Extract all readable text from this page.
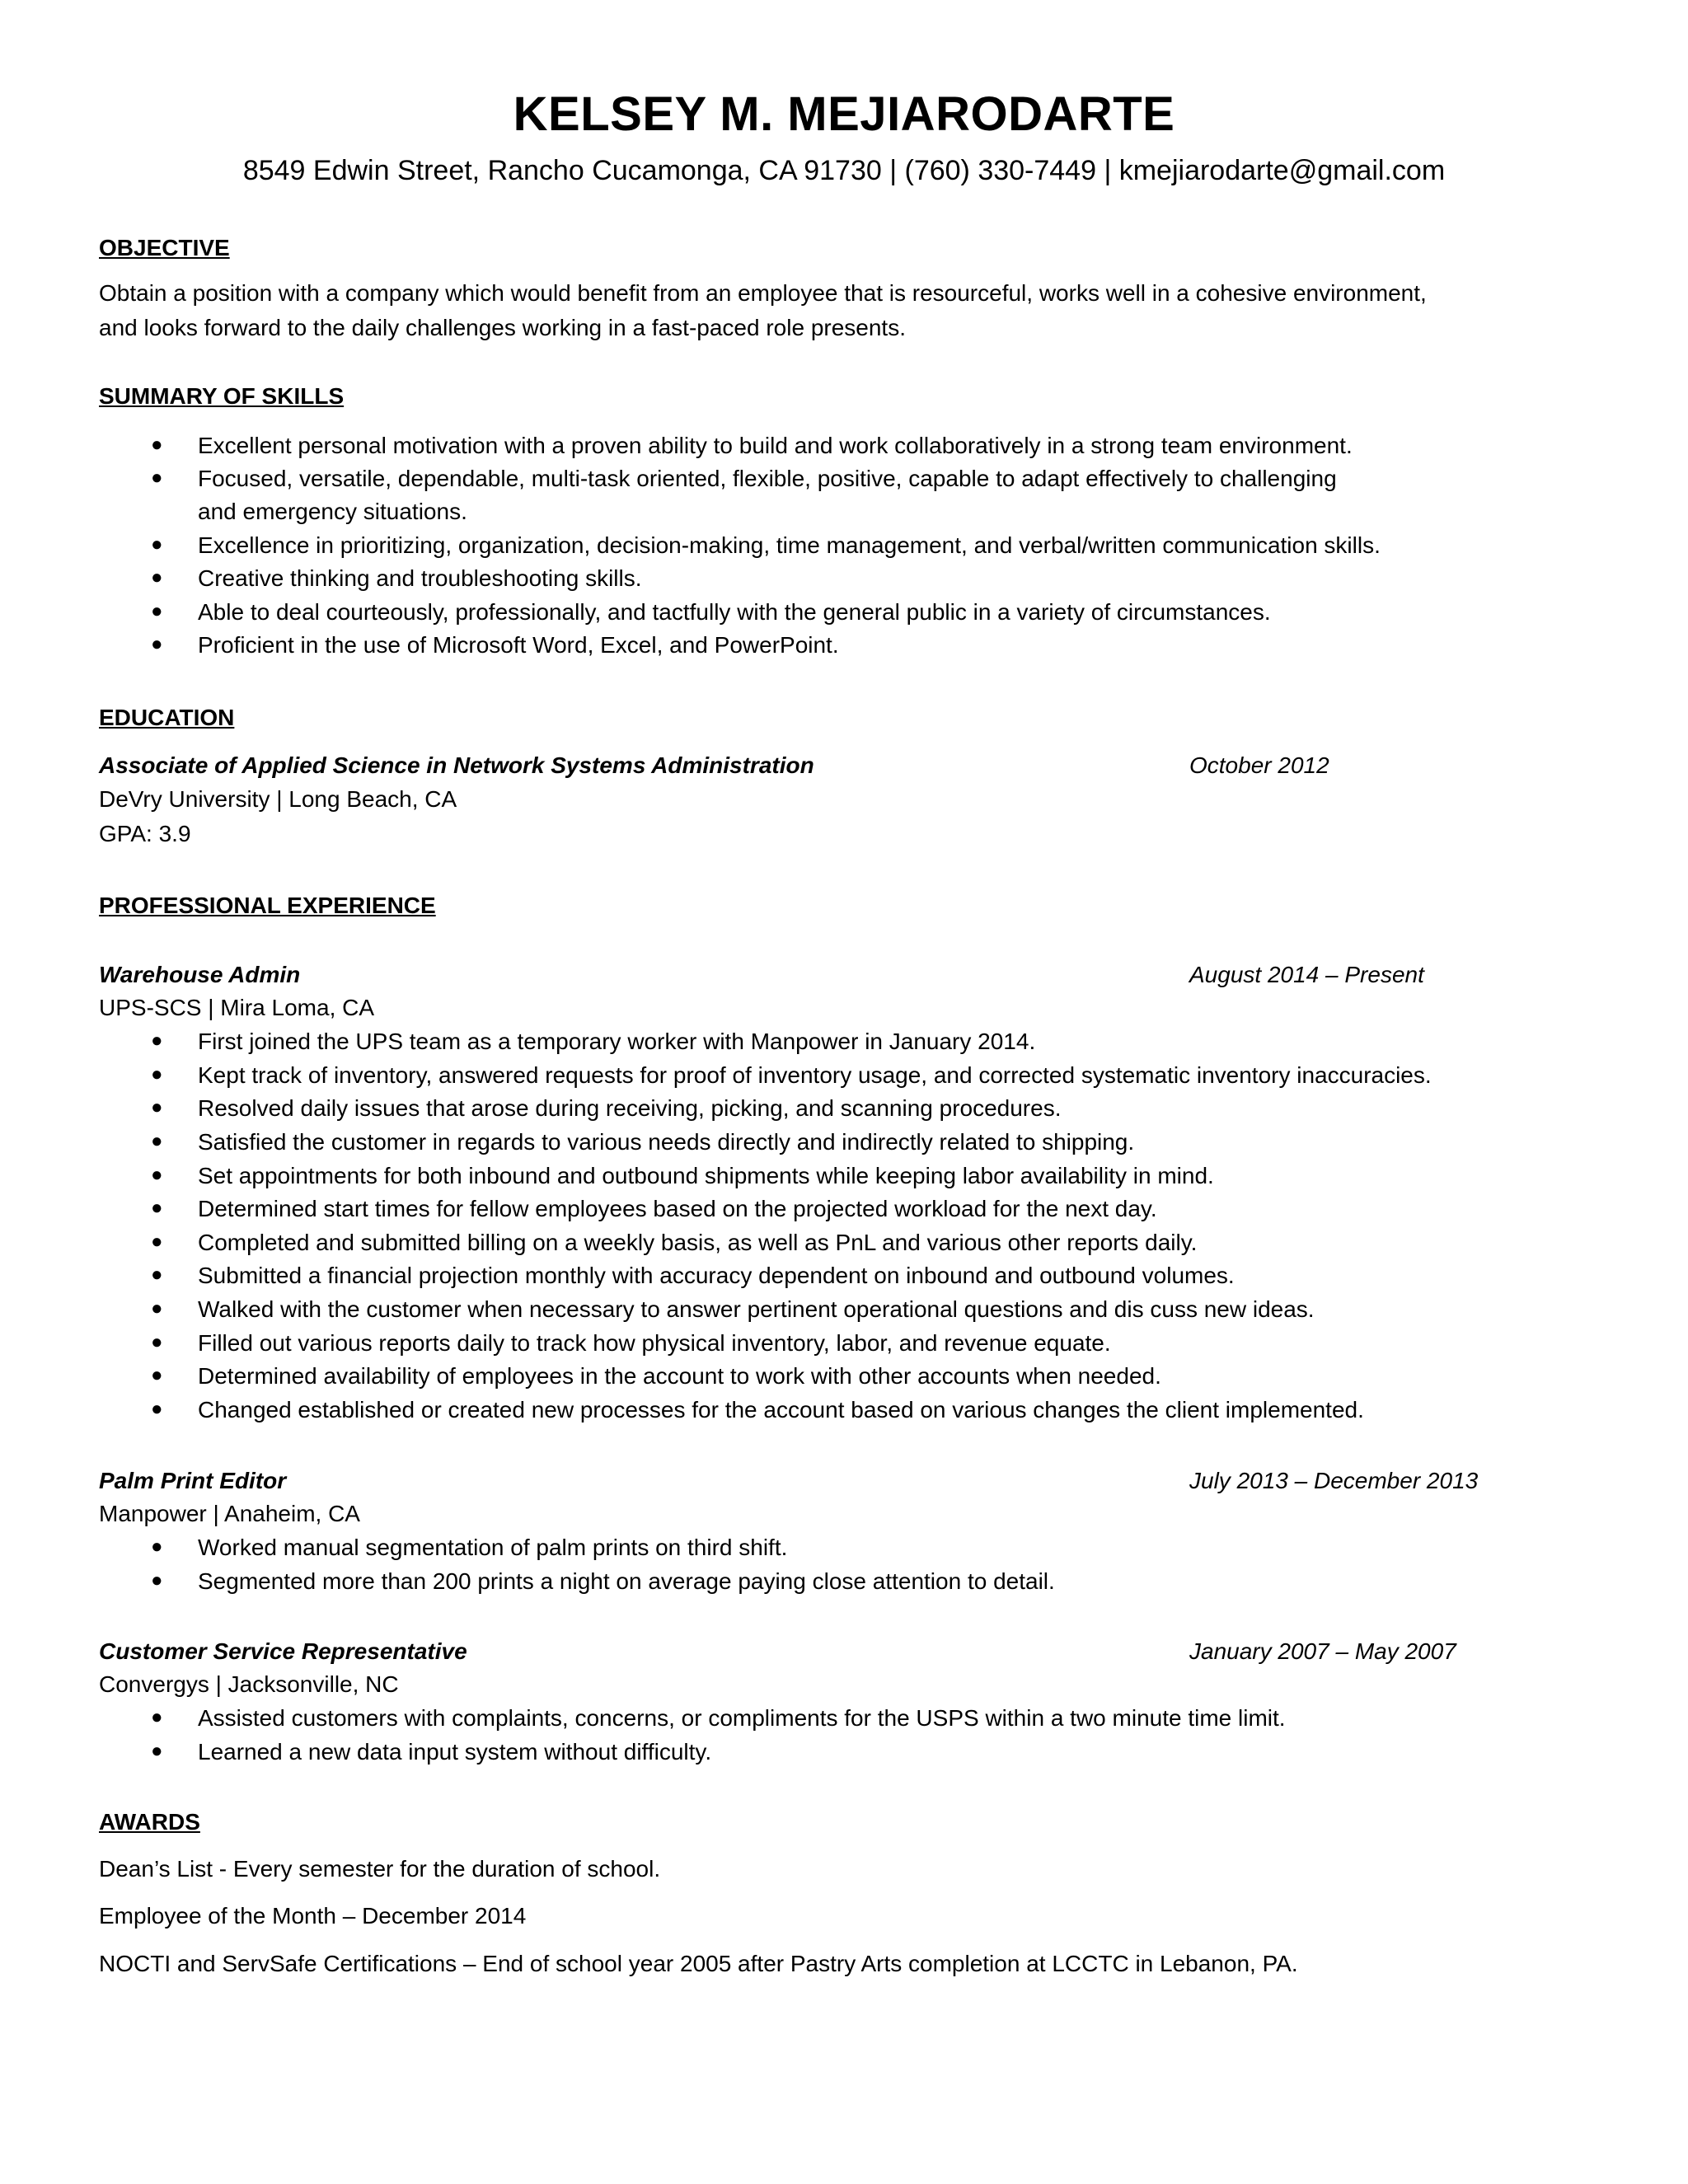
KELSEY M. MEJIARODARTE
8549 Edwin Street, Rancho Cucamonga, CA 91730 | (760) 330-7449 | kmejiarodarte@gmail.com
OBJECTIVE
Obtain a position with a company which would benefit from an employee that is resourceful, works well in a cohesive environment,
and looks forward to the daily challenges working in a fast-paced role presents.
SUMMARY OF SKILLS
● Excellent personal motivation with a proven ability to build and work collaboratively in a strong team environment.
● Focused, versatile, dependable, multi-task oriented, flexible, positive, capable to adapt effectively to challenging
and emergency situations.
● Excellence in prioritizing, organization, decision-making, time management, and verbal/written communication skills.
● Creative thinking and troubleshooting skills.
● Able to deal courteously, professionally, and tactfully with the general public in a variety of circumstances.
● Proficient in the use of Microsoft Word, Excel, and PowerPoint.
EDUCATION
Associate of Applied Science in Network Systems Administration	October 2012
DeVry University | Long Beach, CA
GPA: 3.9
PROFESSIONAL EXPERIENCE
Warehouse Admin	August 2014 – Present
UPS-SCS | Mira Loma, CA
● First joined the UPS team as a temporary worker with Manpower in January 2014.
● Kept track of inventory, answered requests for proof of inventory usage, and corrected systematic inventory inaccuracies.
● Resolved daily issues that arose during receiving, picking, and scanning procedures.
● Satisfied the customer in regards to various needs directly and indirectly related to shipping.
● Set appointments for both inbound and outbound shipments while keeping labor availability in mind.
● Determined start times for fellow employees based on the projected workload for the next day.
● Completed and submitted billing on a weekly basis, as well as PnL and various other reports daily.
● Submitted a financial projection monthly with accuracy dependent on inbound and outbound volumes.
● Walked with the customer when necessary to answer pertinent operational questions and dis cuss new ideas.
● Filled out various reports daily to track how physical inventory, labor, and revenue equate.
● Determined availability of employees in the account to work with other accounts when needed.
● Changed established or created new processes for the account based on various changes the client implemented.
Palm Print Editor	July 2013 – December 2013
Manpower | Anaheim, CA
● Worked manual segmentation of palm prints on third shift.
● Segmented more than 200 prints a night on average paying close attention to detail.
Customer Service Representative	January 2007 – May 2007
Convergys | Jacksonville, NC
● Assisted customers with complaints, concerns, or compliments for the USPS within a two minute time limit.
● Learned a new data input system without difficulty.
AWARDS
Dean’s List - Every semester for the duration of school.
Employee of the Month – December 2014
NOCTI and ServSafe Certifications – End of school year 2005 after Pastry Arts completion at LCCTC in Lebanon, PA.
